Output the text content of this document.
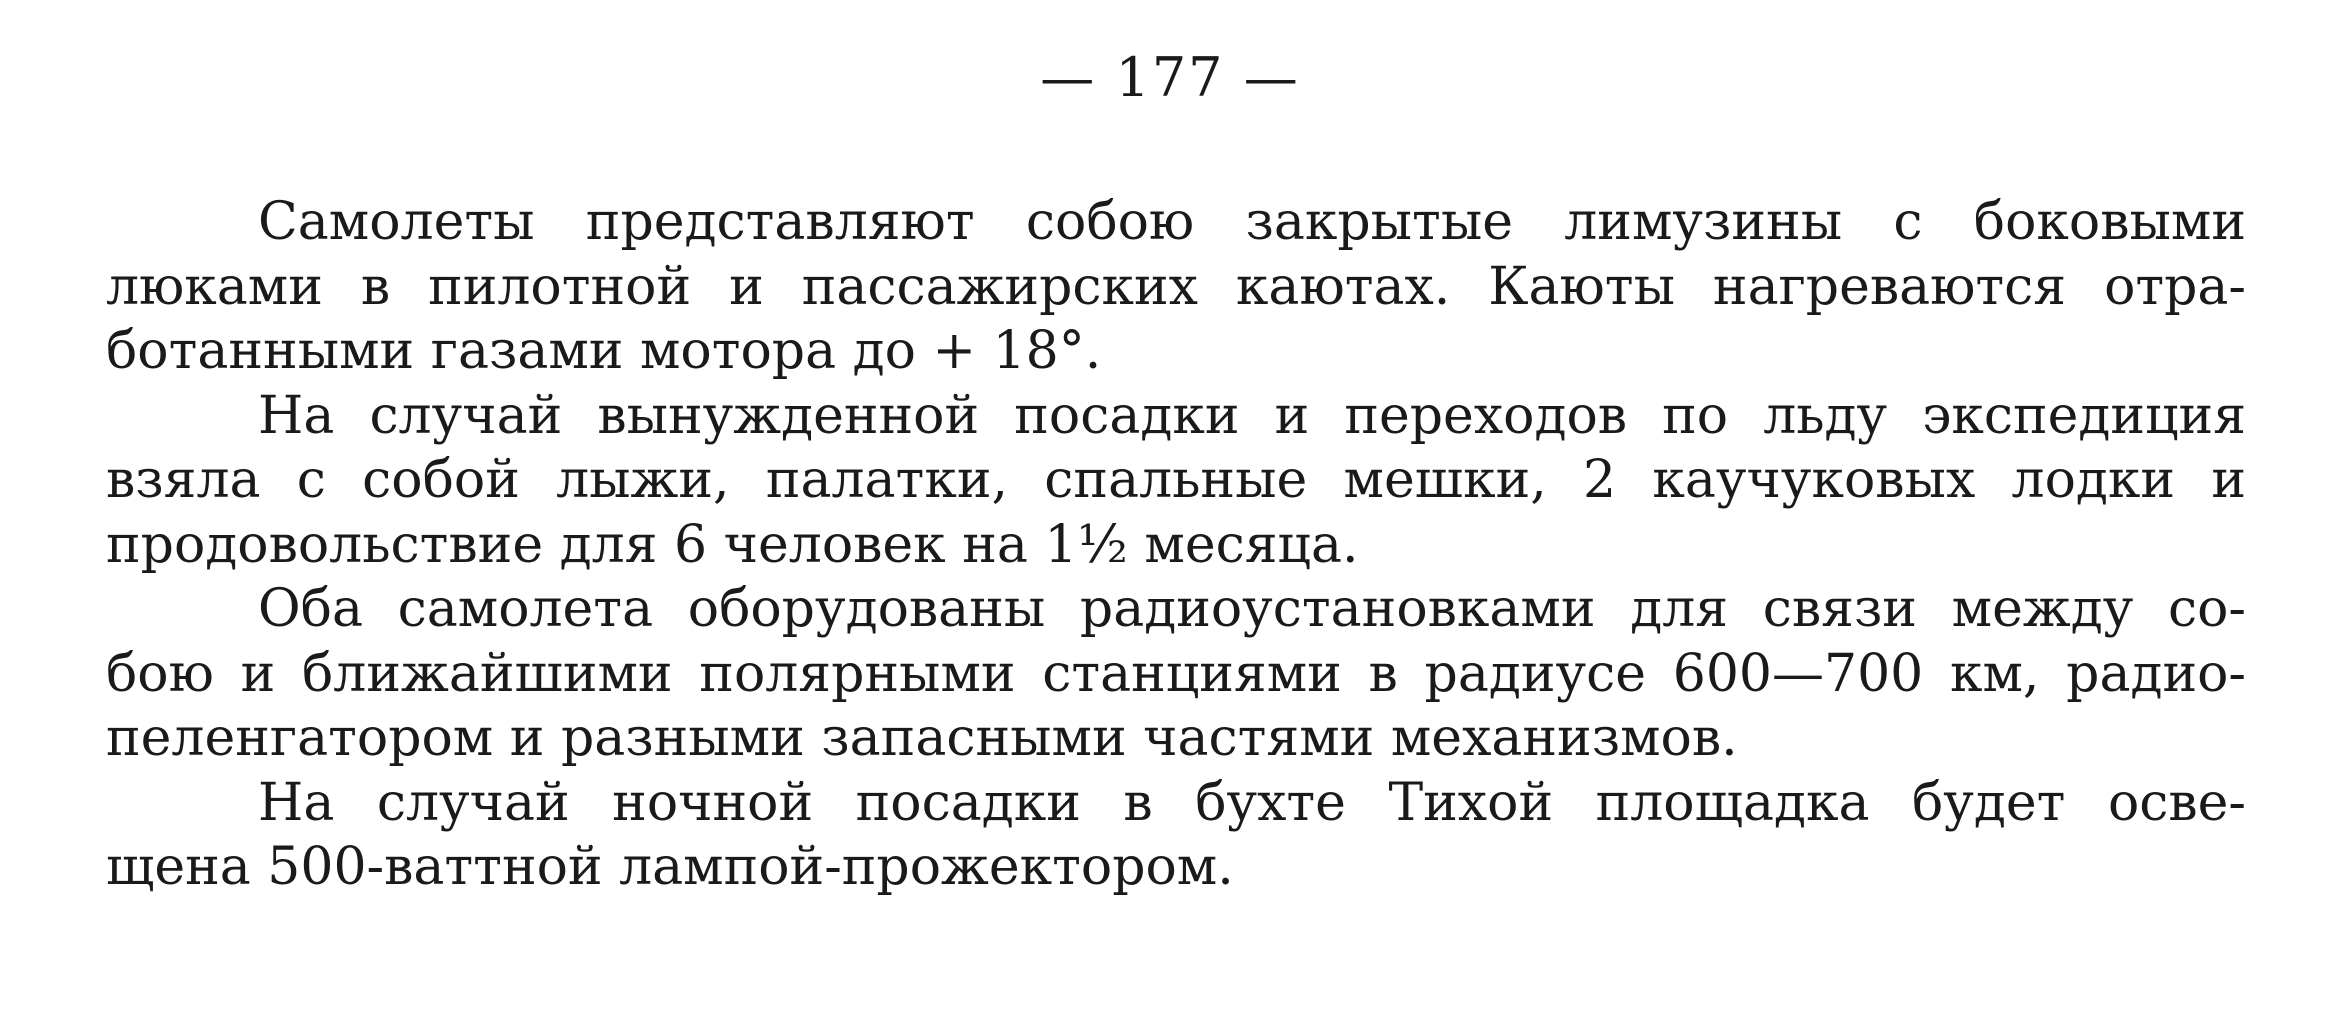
— 177 —
Самолеты представляют собою закрытые лимузины с боковыми
люками в пилотной и пассажирских каютах. Каюты нагреваются отра-
ботанными газами мотора до + 18°.
На случай вынужденной посадки и переходов по льду экспедиция
взяла с собой лыжи, палатки, спальные мешки, 2 каучуковых лодки и
продовольствие для 6 человек на 1½ месяца.
Оба самолета оборудованы радиоустановками для связи между со-
бою и ближайшими полярными станциями в радиусе 600—700 км, радио-
пеленгатором и разными запасными частями механизмов.
На случай ночной посадки в бухте Тихой площадка будет осве-
щена 500-ваттной лампой-прожектором.
